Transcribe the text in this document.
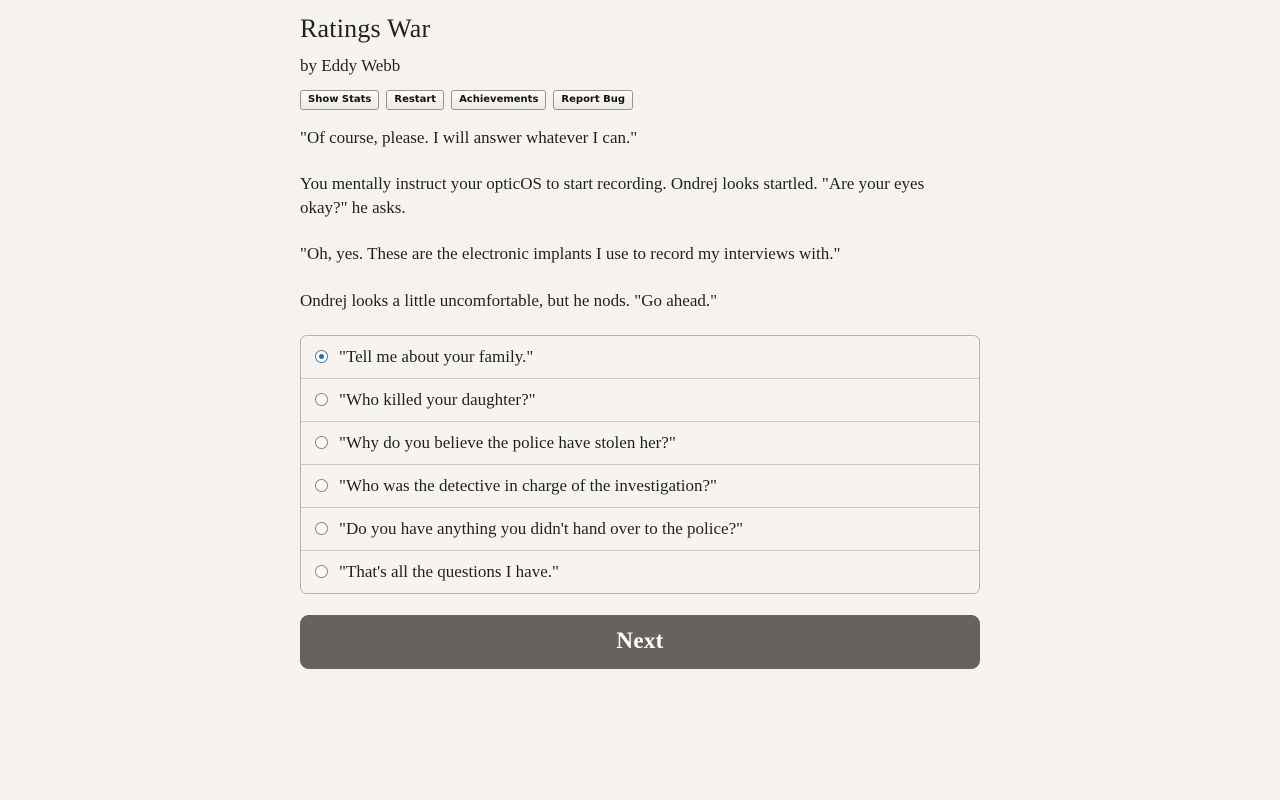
Ratings War
by Eddy Webb
Show Stats	Restart	Achievements	Report Bug

"Of course, please. I will answer whatever I can."

You mentally instruct your opticOS to start recording. Ondrej looks startled. "Are your eyes okay?" he asks.

"Oh, yes. These are the electronic implants I use to record my interviews with."

Ondrej looks a little uncomfortable, but he nods. "Go ahead."

"Tell me about your family."
"Who killed your daughter?"
"Why do you believe the police have stolen her?"
"Who was the detective in charge of the investigation?"
"Do you have anything you didn't hand over to the police?"
"That's all the questions I have."
Next
